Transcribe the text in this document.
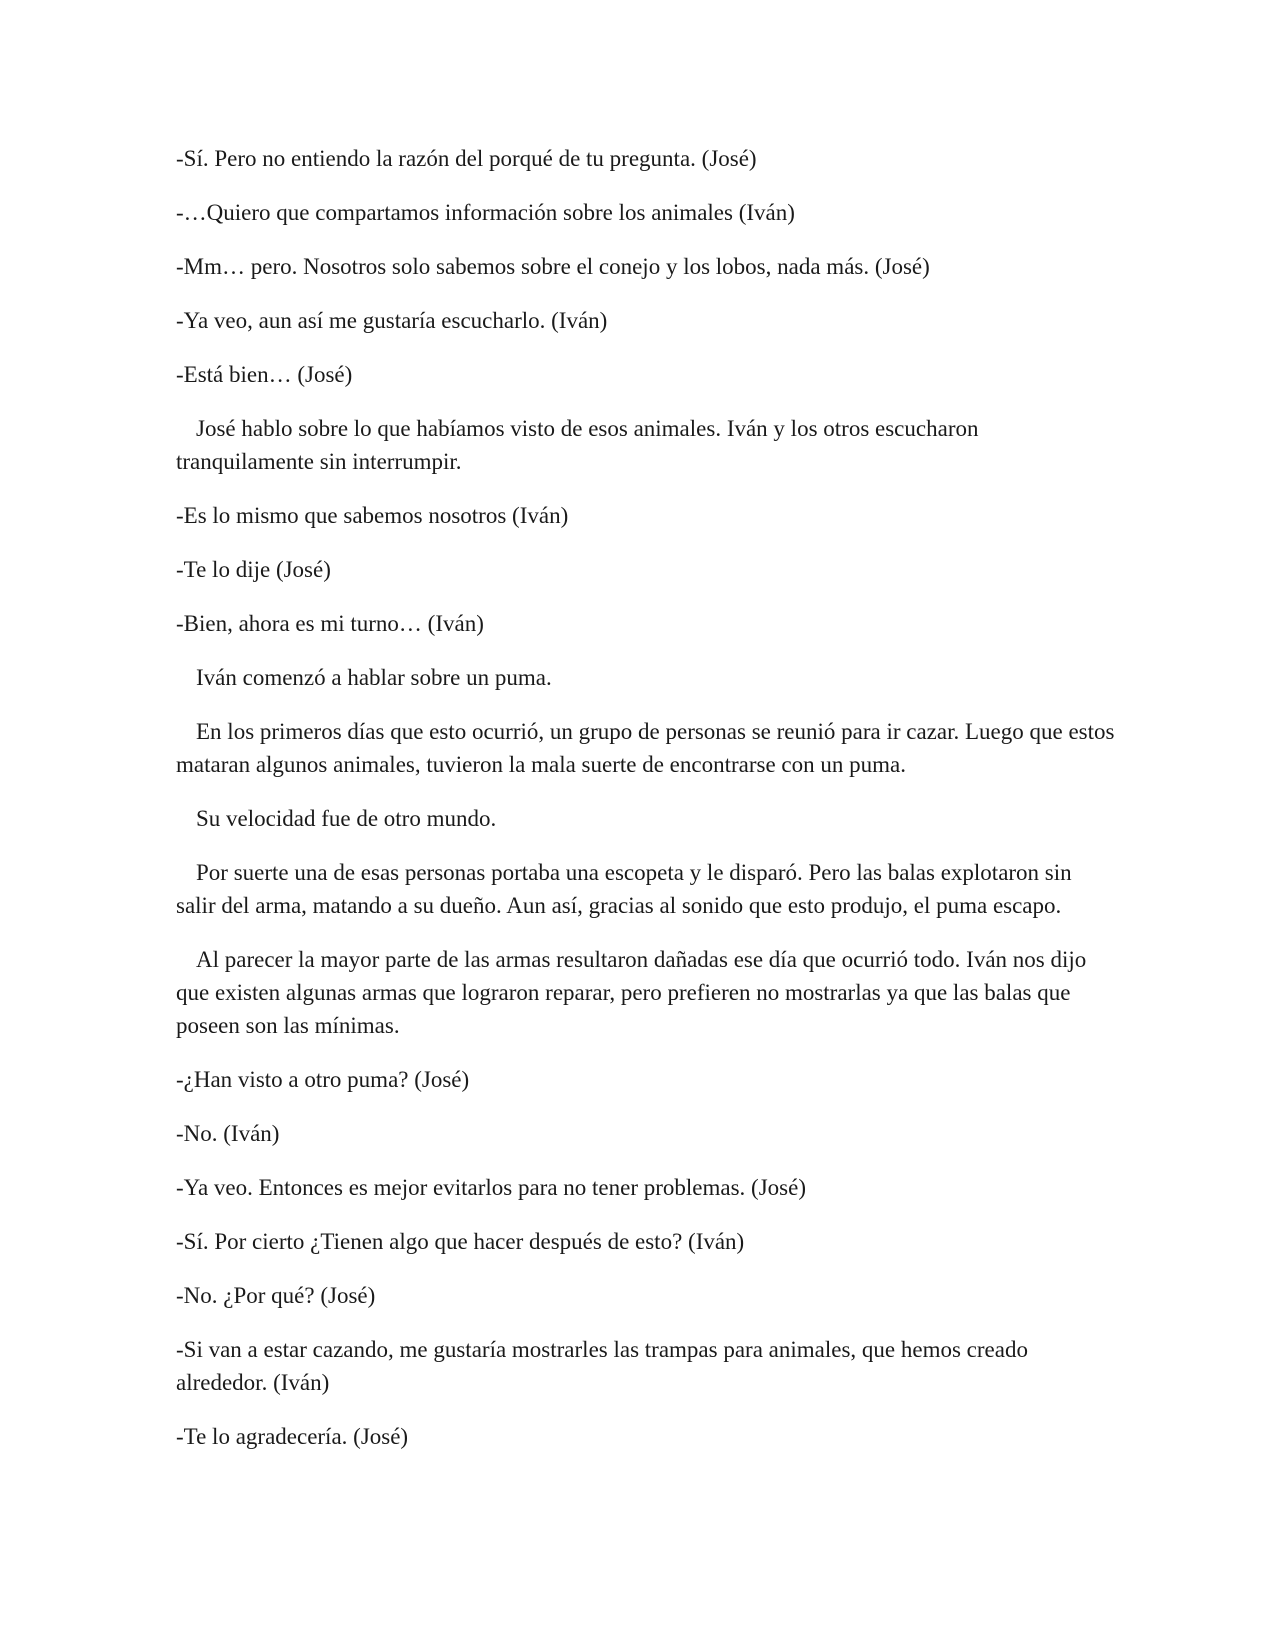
-Sí. Pero no entiendo la razón del porqué de tu pregunta. (José)

-…Quiero que compartamos información sobre los animales (Iván)

-Mm… pero. Nosotros solo sabemos sobre el conejo y los lobos, nada más. (José)

-Ya veo, aun así me gustaría escucharlo. (Iván)

-Está bien… (José)

José hablo sobre lo que habíamos visto de esos animales. Iván y los otros escucharon tranquilamente sin interrumpir.

-Es lo mismo que sabemos nosotros (Iván)

-Te lo dije (José)

-Bien, ahora es mi turno… (Iván)

Iván comenzó a hablar sobre un puma.

En los primeros días que esto ocurrió, un grupo de personas se reunió para ir cazar. Luego que estos mataran algunos animales, tuvieron la mala suerte de encontrarse con un puma.

Su velocidad fue de otro mundo.

Por suerte una de esas personas portaba una escopeta y le disparó. Pero las balas explotaron sin salir del arma, matando a su dueño. Aun así, gracias al sonido que esto produjo, el puma escapo.

Al parecer la mayor parte de las armas resultaron dañadas ese día que ocurrió todo. Iván nos dijo que existen algunas armas que lograron reparar, pero prefieren no mostrarlas ya que las balas que poseen son las mínimas.

-¿Han visto a otro puma? (José)

-No. (Iván)

-Ya veo. Entonces es mejor evitarlos para no tener problemas. (José)

-Sí. Por cierto ¿Tienen algo que hacer después de esto? (Iván)

-No. ¿Por qué? (José)

-Si van a estar cazando, me gustaría mostrarles las trampas para animales, que hemos creado alrededor. (Iván)

-Te lo agradecería. (José)
